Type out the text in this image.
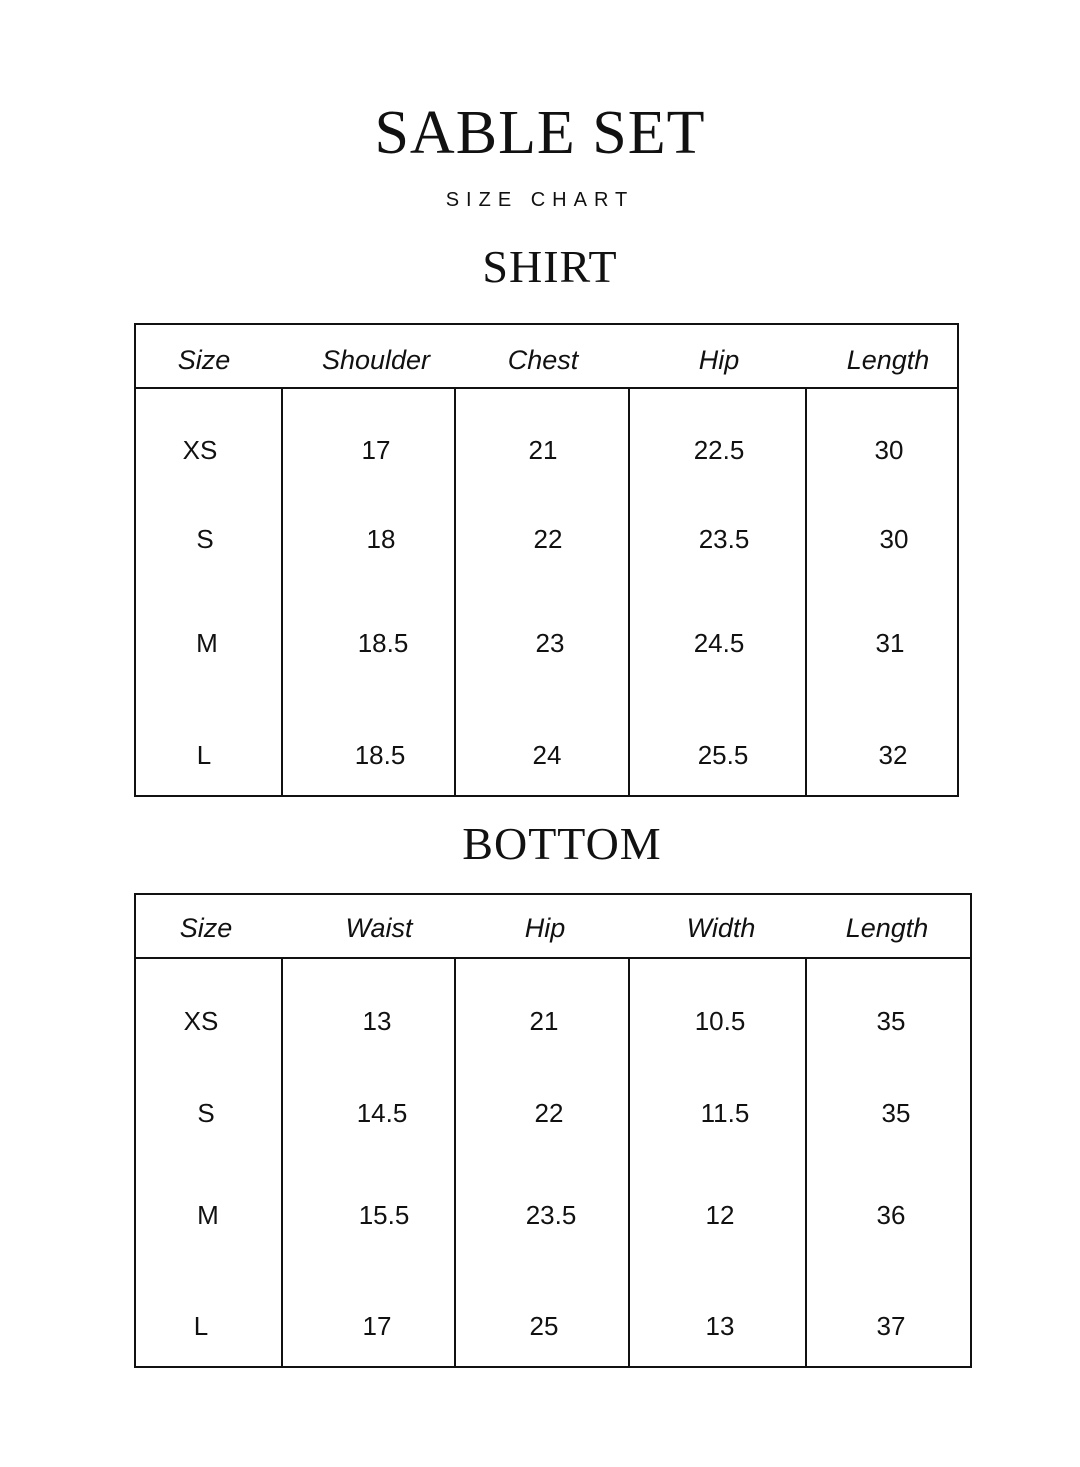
SABLE SET
SIZE CHART
SHIRT
Size	Shoulder	Chest	Hip	Length
XS	17	21	22.5	30
S	18	22	23.5	30
M	18.5	23	24.5	31
L	18.5	24	25.5	32
BOTTOM
Size	Waist	Hip	Width	Length
XS	13	21	10.5	35
S	14.5	22	11.5	35
M	15.5	23.5	12	36
L	17	25	13	37
